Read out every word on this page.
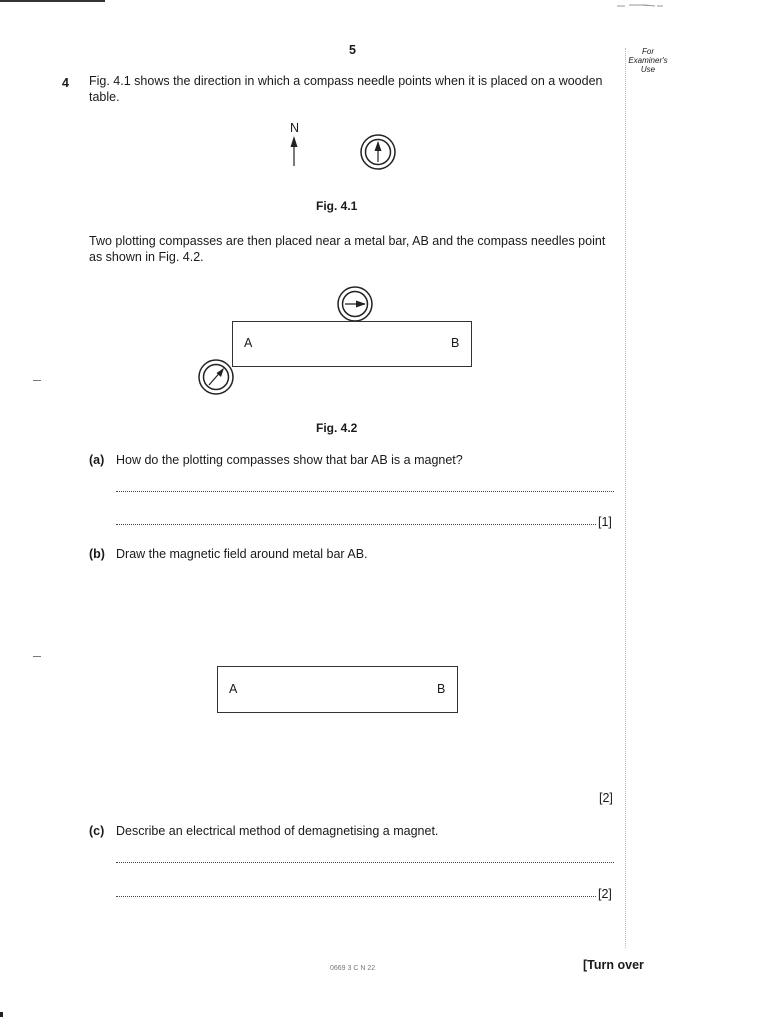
5	For Examiner's Use
4 Fig. 4.1 shows the direction in which a compass needle points when it is placed on a wooden table.
N
Fig. 4.1
Two plotting compasses are then placed near a metal bar, AB and the compass needles point as shown in Fig. 4.2.
A	B
Fig. 4.2
(a) How do the plotting compasses show that bar AB is a magnet?
[1]
(b) Draw the magnetic field around metal bar AB.
A	B
[2]
(c) Describe an electrical method of demagnetising a magnet.
[2]
0669 3 C N 22	[Turn over
